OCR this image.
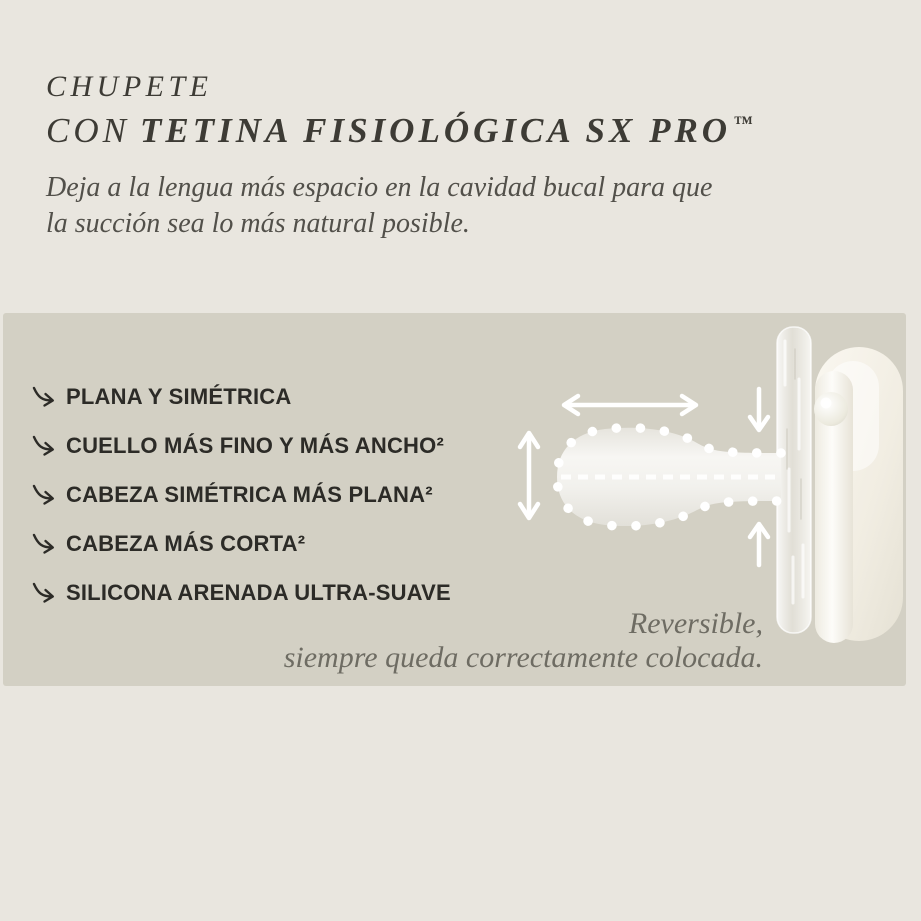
CHUPETE
CON TETINA FISIOLÓGICA SX PRO ™

Deja a la lengua más espacio en la cavidad bucal para que
la succión sea lo más natural posible.

PLANA Y SIMÉTRICA
CUELLO MÁS FINO Y MÁS ANCHO²
CABEZA SIMÉTRICA MÁS PLANA²
CABEZA MÁS CORTA²
SILICONA ARENADA ULTRA-SUAVE

Reversible,
siempre queda correctamente colocada.
